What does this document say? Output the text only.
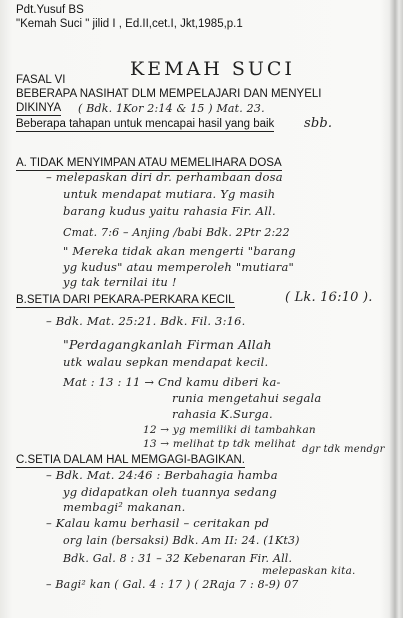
Pdt.Yusuf BS
"Kemah Suci " jilid I , Ed.II,cet.I, Jkt,1985,p.1
FASAL VI	KEMAH SUCI
BEBERAPA NASIHAT DLM MEMPELAJARI DAN MENYELI
DIKINYA ( Bdk. 1Kor 2:14 & 15 ) Mat. 23.
Beberapa tahapan untuk mencapai hasil yang baik sbb.
A. TIDAK MENYIMPAN ATAU MEMELIHARA DOSA
– melepaskan diri dr. perhambaan dosa
untuk mendapat mutiara. Yg masih
barang kudus yaitu rahasia Fir. All.
Cmat. 7:6 – Anjing /babi Bdk. 2Ptr 2:22
" Mereka tidak akan mengerti "barang
yg kudus" atau memperoleh "mutiara"
yg tak ternilai itu !
B.SETIA DARI PEKARA-PERKARA KECIL	( Lk. 16:10 ).
– Bdk. Mat. 25:21. Bdk. Fil. 3:16.
"Perdagangkanlah Firman Allah
utk walau sepkan mendapat kecil.
Mat : 13 : 11 → Cnd kamu diberi ka-
runia mengetahui segala
rahasia K.Surga.
12 → yg memiliki di tambahkan
13 → melihat tp tdk melihat dgr tdk mendgr
C.SETIA DALAM HAL MEMGAGI-BAGIKAN.
– Bdk. Mat. 24:46 : Berbahagia hamba
yg didapatkan oleh tuannya sedang
membagi² makanan.
– Kalau kamu berhasil – ceritakan pd
org lain (bersaksi) Bdk. Am II: 24. (1Kt3)
Bdk. Gal. 8 : 31 – 32 Kebenaran Fir. All.
melepaskan kita.
– Bagi² kan ( Gal. 4 : 17 ) ( 2Raja 7 : 8-9) 07
